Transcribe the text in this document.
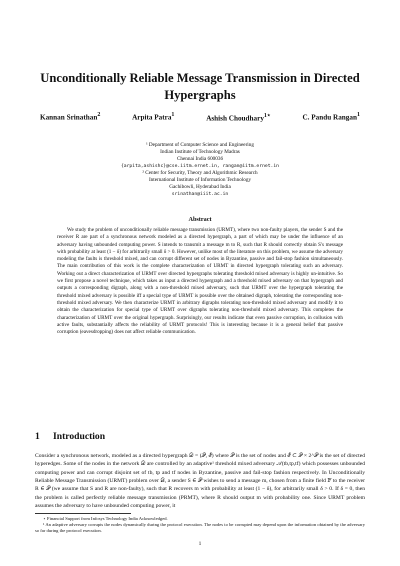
Unconditionally Reliable Message Transmission in Directed Hypergraphs
Kannan Srinathan$^2$	Arpita Patra$^1$	Ashish Choudhary$^{1⋆}$	C. Pandu Rangan$^1$
¹ Department of Computer Science and Engineering
Indian Institute of Technology Madras
Chennai India 600036
{arpita,ashishc}@cse.iitm.ernet.in, rangan@iitm.ernet.in
² Center for Security, Theory and Algorithmic Research
International Institute of Information Technology
Gachibowli, Hyderabad India
srinathan@iiit.ac.in
Abstract

We study the problem of unconditionally reliable message transmission (URMT), where two non-faulty players, the sender S and the receiver R are part of a synchronous network modeled as a directed hypergraph, a part of which may be under the influence of an adversary having unbounded computing power. S intends to transmit a message m to R, such that R should correctly obtain S's message with probability at least (1 − δ) for arbitrarily small δ > 0. However, unlike most of the literature on this problem, we assume the adversary modeling the faults is threshold mixed, and can corrupt different set of nodes in Byzantine, passive and fail-stop fashion simultaneously. The main contribution of this work is the complete characterization of URMT in directed hypergraph tolerating such an adversary. Working out a direct characterization of URMT over directed hypergraphs tolerating threshold mixed adversary is highly un-intuitive. So we first propose a novel technique, which takes as input a directed hypergraph and a threshold mixed adversary on that hypergraph and outputs a corresponding digraph, along with a non-threshold mixed adversary, such that URMT over the hypergraph tolerating the threshold mixed adversary is possible iff a special type of URMT is possible over the obtained digraph, tolerating the corresponding non-threshold mixed adversary. We then characterize URMT in arbitrary digraphs tolerating non-threshold mixed adversary and modify it to obtain the characterization for special type of URMT over digraphs tolerating non-threshold mixed adversary. This completes the characterization of URMT over the original hypergraph. Surprisingly, our results indicate that even passive corruption, in collusion with active faults, substantially affects the reliability of URMT protocols! This is interesting because it is a general belief that passive corruption (eavesdropping) does not affect reliable communication.

1 Introduction

Consider a synchronous network, modeled as a directed hypergraph 𝒟 = (𝒫, ℰ) where 𝒫 is the set of nodes and ℰ ⊂ 𝒫 × 2^𝒫 is the set of directed hyperedges. Some of the nodes in the network 𝒟 are controlled by an adaptive¹ threshold mixed adversary 𝒜(tb,tp,tf) which possesses unbounded computing power and can corrupt disjoint set of tb, tp and tf nodes in Byzantine, passive and fail-stop fashion respectively. In Unconditionally Reliable Message Transmission (URMT) problem over 𝒟, a sender S ∈ 𝒫 wishes to send a message m, chosen from a finite field 𝔽 to the receiver R ∈ 𝒫 (we assume that S and R are non-faulty), such that R recovers m with probability at least (1 − δ), for arbitrarily small δ > 0. If δ = 0, then the problem is called perfectly reliable message transmission (PRMT), where R should output m with probability one. Since URMT problem assumes the adversary to have unbounded computing power, it

⋆ Financial Support from Infosys Technology India Acknowledged.

¹ An adaptive adversary corrupts the nodes dynamically during the protocol execution. The nodes to be corrupted may depend upon the information obtained by the adversary so far during the protocol execution.

1
